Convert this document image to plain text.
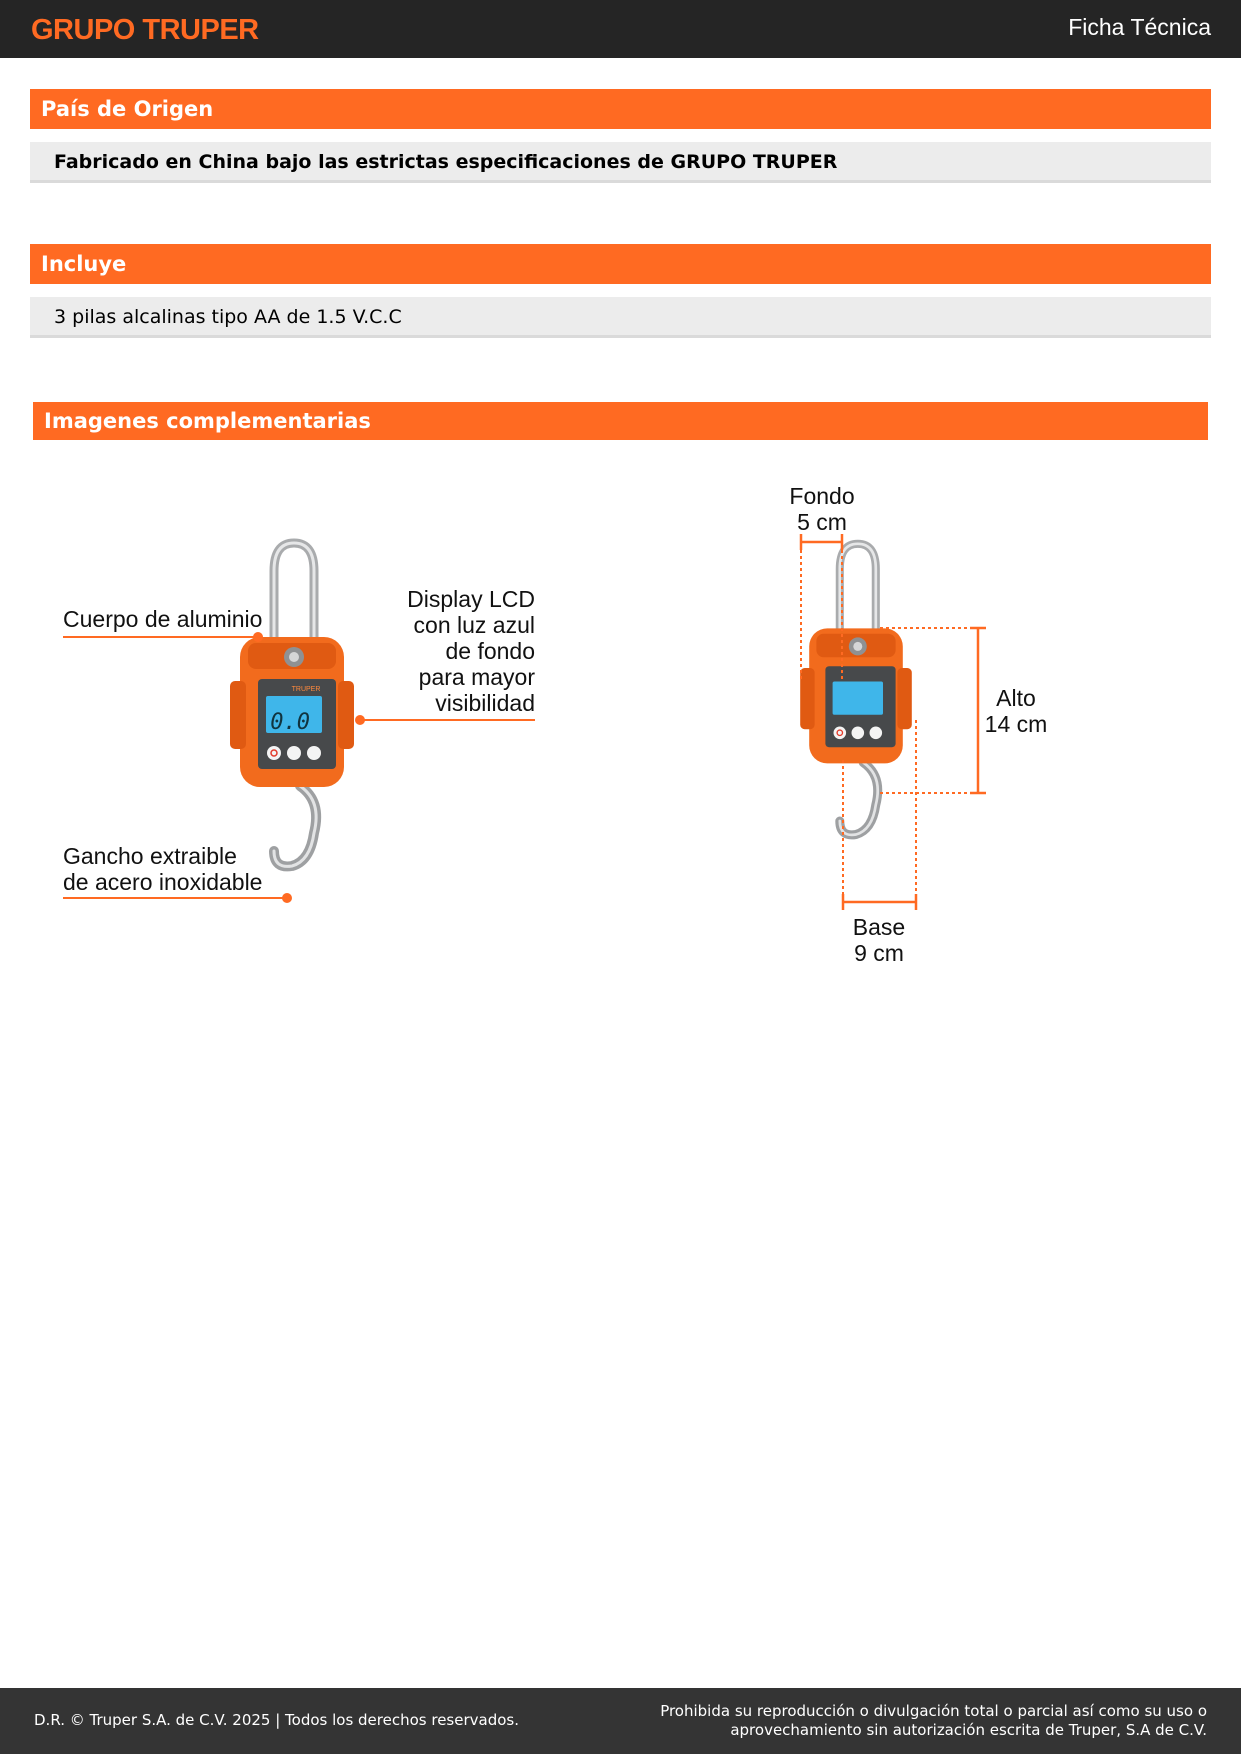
GRUPO TRUPER	Ficha Técnica
País de Origen
Fabricado en China bajo las estrictas especificaciones de GRUPO TRUPER
Incluye
3 pilas alcalinas tipo AA de 1.5 V.C.C
Imagenes complementarias
TRUPER
0.0
Cuerpo de aluminio
Display LCD
con luz azul
de fondo
para mayor
visibilidad
Gancho extraible
de acero inoxidable
Fondo
5 cm
Alto
14 cm
Base
9 cm
D.R. © Truper S.A. de C.V. 2025 | Todos los derechos reservados.	Prohibida su reproducción o divulgación total o parcial así como su uso o
aprovechamiento sin autorización escrita de Truper, S.A de C.V.
